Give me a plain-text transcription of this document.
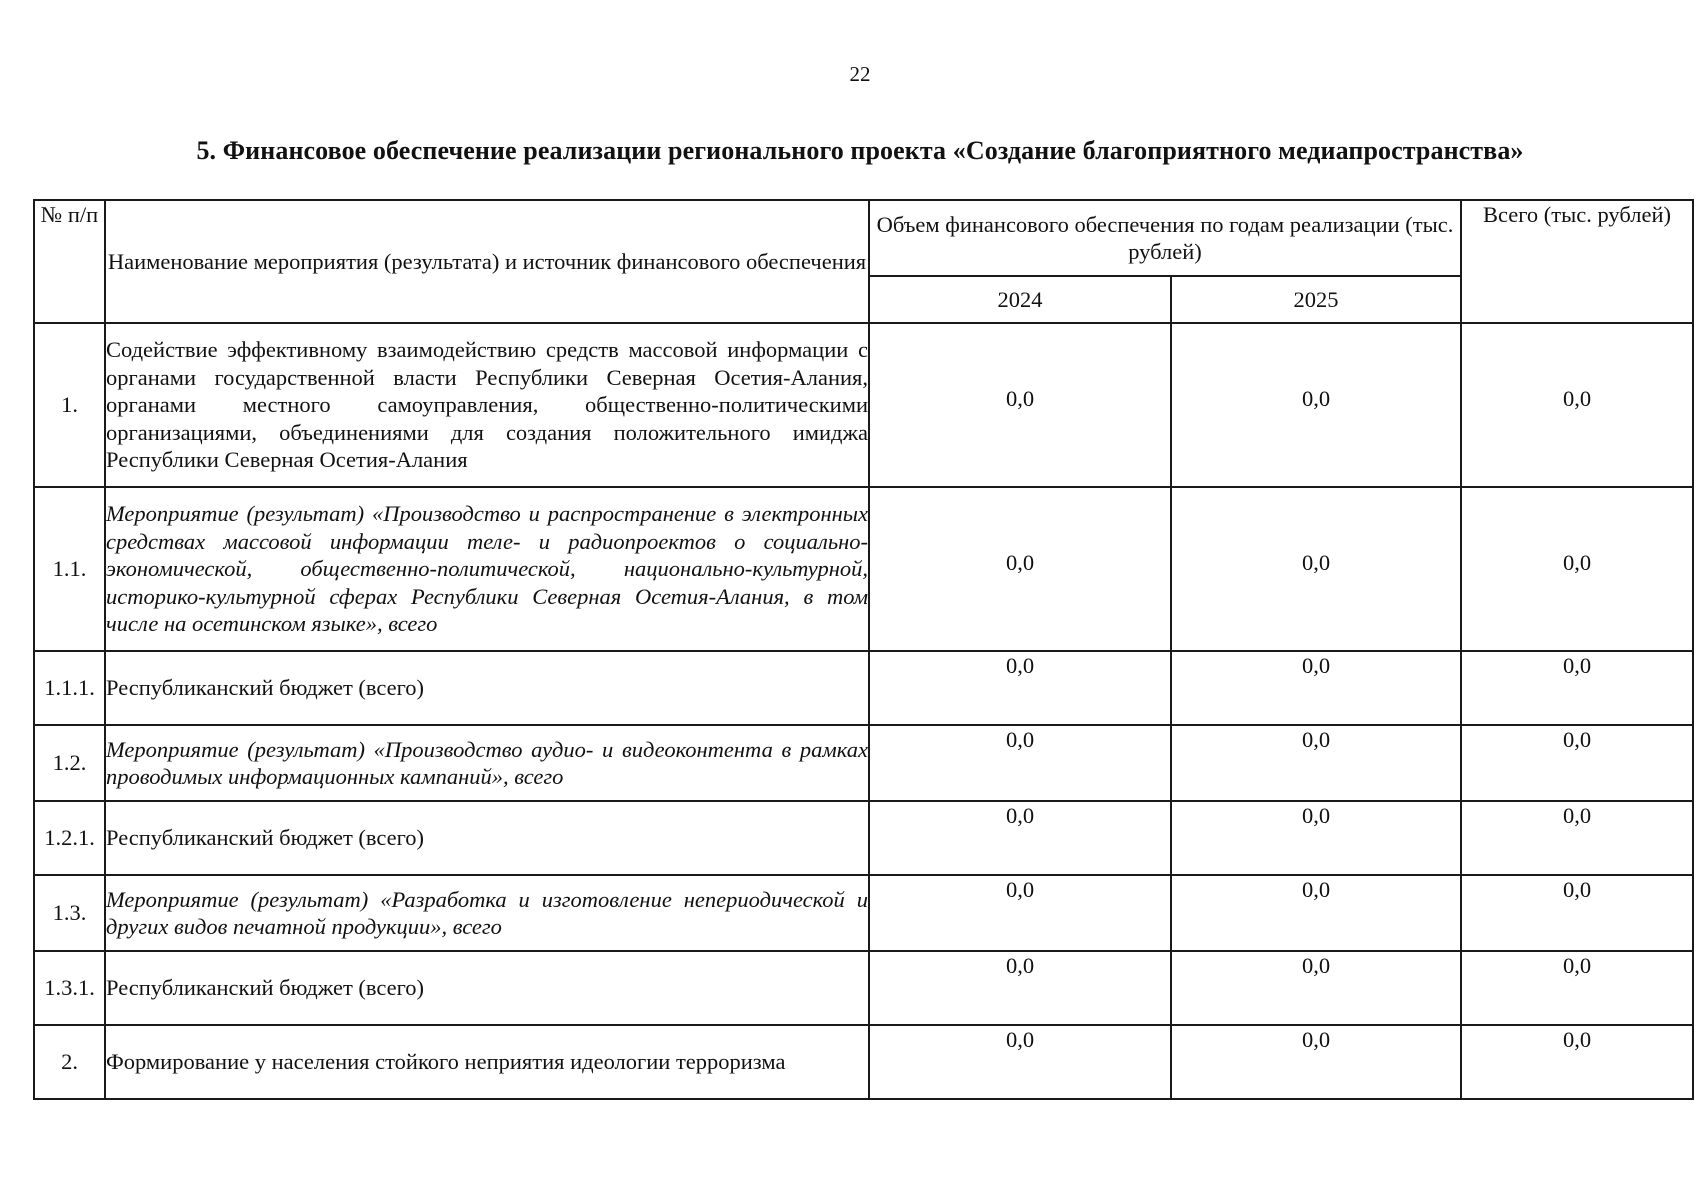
22
5. Финансовое обеспечение реализации регионального проекта «Создание благоприятного медиапространства»
№ п/п	Наименование мероприятия (результата) и источник финансового обеспечения	Объем финансового обеспечения по годам реализации (тыс. рублей)		Всего (тыс. рублей)
		2024	2025	
1.	Содействие эффективному взаимодействию средств массовой информации с органами государственной власти Республики Северная Осетия-Алания, органами местного самоуправления, общественно-политическими организациями, объединениями для создания положительного имиджа Республики Северная Осетия-Алания	0,0	0,0	0,0
1.1.	Мероприятие (результат) «Производство и распространение в электронных средствах массовой информации теле- и радиопроектов о социально-экономической, общественно-политической, национально-культурной, историко-культурной сферах Республики Северная Осетия-Алания, в том числе на осетинском языке», всего	0,0	0,0	0,0
1.1.1.	Республиканский бюджет (всего)	0,0	0,0	0,0
1.2.	Мероприятие (результат) «Производство аудио- и видеоконтента в рамках проводимых информационных кампаний», всего	0,0	0,0	0,0
1.2.1.	Республиканский бюджет (всего)	0,0	0,0	0,0
1.3.	Мероприятие (результат) «Разработка и изготовление непериодической и других видов печатной продукции», всего	0,0	0,0	0,0
1.3.1.	Республиканский бюджет (всего)	0,0	0,0	0,0
2.	Формирование у населения стойкого неприятия идеологии терроризма	0,0	0,0	0,0
